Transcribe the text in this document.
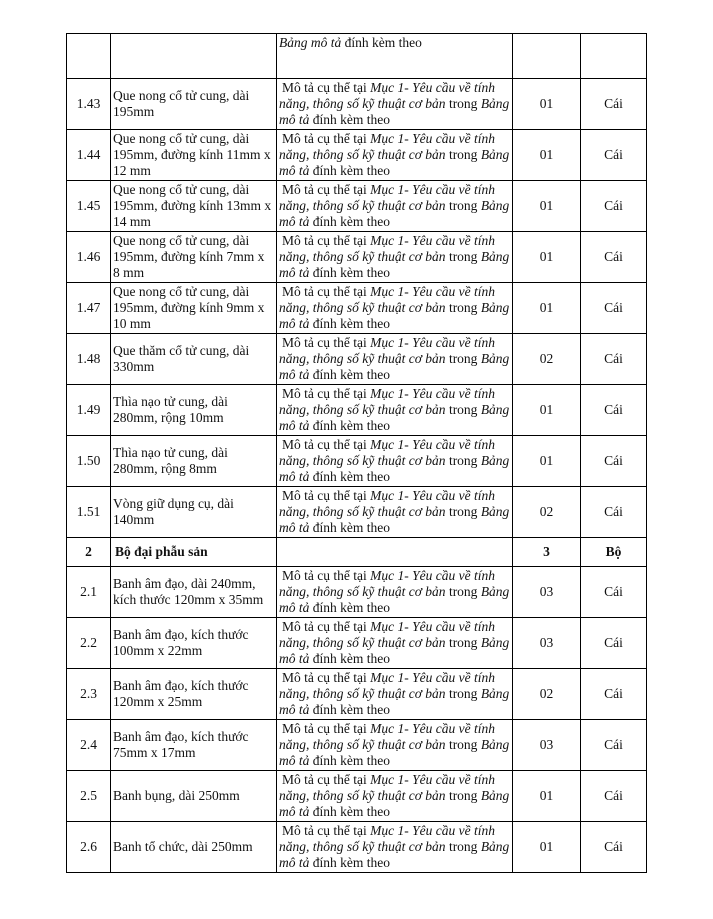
		Bảng mô tả đính kèm theo		
1.43	Que nong cổ tử cung, dài 195mm	Mô tả cụ thể tại Mục 1- Yêu cầu về tính năng, thông số kỹ thuật cơ bản trong Bảng mô tả đính kèm theo	01	Cái
1.44	Que nong cổ tử cung, dài 195mm, đường kính 11mm x 12 mm	Mô tả cụ thể tại Mục 1- Yêu cầu về tính năng, thông số kỹ thuật cơ bản trong Bảng mô tả đính kèm theo	01	Cái
1.45	Que nong cổ tử cung, dài 195mm, đường kính 13mm x 14 mm	Mô tả cụ thể tại Mục 1- Yêu cầu về tính năng, thông số kỹ thuật cơ bản trong Bảng mô tả đính kèm theo	01	Cái
1.46	Que nong cổ tử cung, dài 195mm, đường kính 7mm x 8 mm	Mô tả cụ thể tại Mục 1- Yêu cầu về tính năng, thông số kỹ thuật cơ bản trong Bảng mô tả đính kèm theo	01	Cái
1.47	Que nong cổ tử cung, dài 195mm, đường kính 9mm x 10 mm	Mô tả cụ thể tại Mục 1- Yêu cầu về tính năng, thông số kỹ thuật cơ bản trong Bảng mô tả đính kèm theo	01	Cái
1.48	Que thăm cổ tử cung, dài 330mm	Mô tả cụ thể tại Mục 1- Yêu cầu về tính năng, thông số kỹ thuật cơ bản trong Bảng mô tả đính kèm theo	02	Cái
1.49	Thìa nạo tử cung, dài 280mm, rộng 10mm	Mô tả cụ thể tại Mục 1- Yêu cầu về tính năng, thông số kỹ thuật cơ bản trong Bảng mô tả đính kèm theo	01	Cái
1.50	Thìa nạo tử cung, dài 280mm, rộng 8mm	Mô tả cụ thể tại Mục 1- Yêu cầu về tính năng, thông số kỹ thuật cơ bản trong Bảng mô tả đính kèm theo	01	Cái
1.51	Vòng giữ dụng cụ, dài 140mm	Mô tả cụ thể tại Mục 1- Yêu cầu về tính năng, thông số kỹ thuật cơ bản trong Bảng mô tả đính kèm theo	02	Cái
2	Bộ đại phẫu sản		3	Bộ
2.1	Banh âm đạo, dài 240mm, kích thước 120mm x 35mm	Mô tả cụ thể tại Mục 1- Yêu cầu về tính năng, thông số kỹ thuật cơ bản trong Bảng mô tả đính kèm theo	03	Cái
2.2	Banh âm đạo, kích thước 100mm x 22mm	Mô tả cụ thể tại Mục 1- Yêu cầu về tính năng, thông số kỹ thuật cơ bản trong Bảng mô tả đính kèm theo	03	Cái
2.3	Banh âm đạo, kích thước 120mm x 25mm	Mô tả cụ thể tại Mục 1- Yêu cầu về tính năng, thông số kỹ thuật cơ bản trong Bảng mô tả đính kèm theo	02	Cái
2.4	Banh âm đạo, kích thước 75mm x 17mm	Mô tả cụ thể tại Mục 1- Yêu cầu về tính năng, thông số kỹ thuật cơ bản trong Bảng mô tả đính kèm theo	03	Cái
2.5	Banh bụng, dài 250mm	Mô tả cụ thể tại Mục 1- Yêu cầu về tính năng, thông số kỹ thuật cơ bản trong Bảng mô tả đính kèm theo	01	Cái
2.6	Banh tổ chức, dài 250mm	Mô tả cụ thể tại Mục 1- Yêu cầu về tính năng, thông số kỹ thuật cơ bản trong Bảng mô tả đính kèm theo	01	Cái
